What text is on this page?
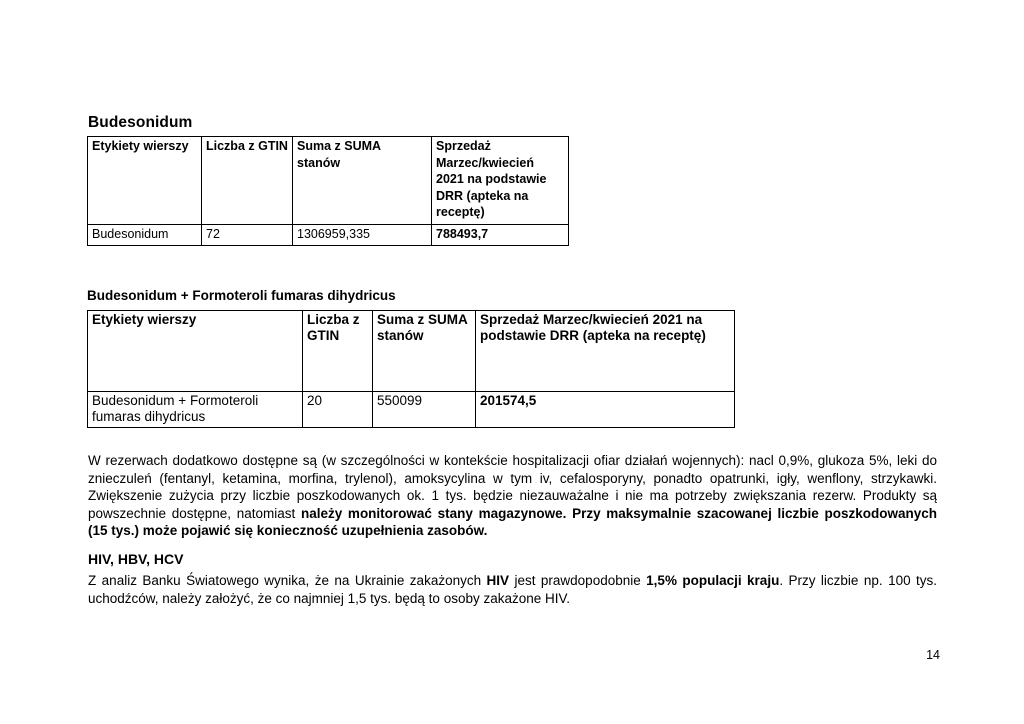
Budesonidum
Etykiety wierszy	Liczba z GTIN	Suma z SUMA stanów	Sprzedaż Marzec/kwiecień 2021 na podstawie DRR (apteka na receptę)
Budesonidum	72	1306959,335	788493,7
Budesonidum + Formoteroli fumaras dihydricus
Etykiety wierszy	Liczba z GTIN	Suma z SUMA stanów	Sprzedaż Marzec/kwiecień 2021 na podstawie DRR (apteka na receptę)
Budesonidum + Formoteroli fumaras dihydricus	20	550099	201574,5

W rezerwach dodatkowo dostępne są (w szczególności w kontekście hospitalizacji ofiar działań wojennych): nacl 0,9%, glukoza 5%, leki do znieczuleń (fentanyl, ketamina, morfina, trylenol), amoksycylina w tym iv, cefalosporyny, ponadto opatrunki, igły, wenflony, strzykawki. Zwiększenie zużycia przy liczbie poszkodowanych ok. 1 tys. będzie niezauważalne i nie ma potrzeby zwiększania rezerw. Produkty są powszechnie dostępne, natomiast należy monitorować stany magazynowe. Przy maksymalnie szacowanej liczbie poszkodowanych (15 tys.) może pojawić się konieczność uzupełnienia zasobów.

HIV, HBV, HCV

Z analiz Banku Światowego wynika, że na Ukrainie zakażonych HIV jest prawdopodobnie 1,5% populacji kraju. Przy liczbie np. 100 tys. uchodźców, należy założyć, że co najmniej 1,5 tys. będą to osoby zakażone HIV.

14
